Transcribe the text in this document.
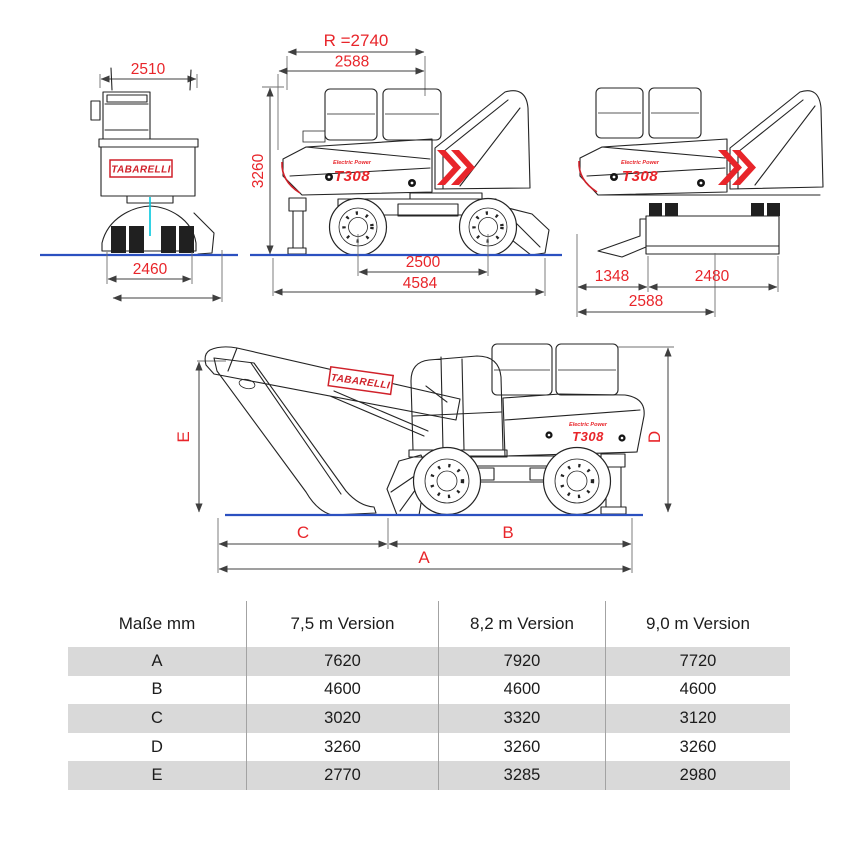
2510
TABARELLI
2460
R =2740
2588
3260	Electric Power
T308
2500
4584
Electric Power
T308
1348	2480
2588
E
TABARELLI
Electric Power
T308 D
C	B
A
Maße mm	7,5 m Version	8,2 m Version	9,0 m Version
A	7620	7920	7720
B	4600	4600	4600
C	3020	3320	3120
D	3260	3260	3260
E	2770	3285	2980
